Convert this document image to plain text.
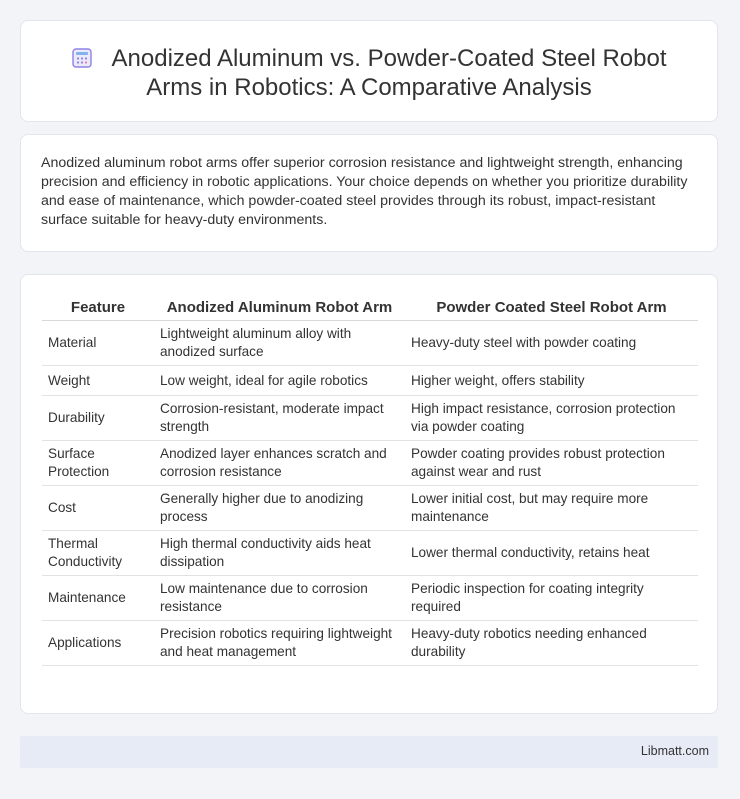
Anodized Aluminum vs. Powder-Coated Steel Robot Arms in Robotics: A Comparative Analysis

Anodized aluminum robot arms offer superior corrosion resistance and lightweight strength, enhancing precision and efficiency in robotic applications. Your choice depends on whether you prioritize durability and ease of maintenance, which powder-coated steel provides through its robust, impact-resistant surface suitable for heavy-duty environments.

Feature	Anodized Aluminum Robot Arm	Powder Coated Steel Robot Arm
Material	Lightweight aluminum alloy with anodized surface	Heavy-duty steel with powder coating
Weight	Low weight, ideal for agile robotics	Higher weight, offers stability
Durability	Corrosion-resistant, moderate impact strength	High impact resistance, corrosion protection via powder coating
Surface Protection	Anodized layer enhances scratch and corrosion resistance	Powder coating provides robust protection against wear and rust
Cost	Generally higher due to anodizing process	Lower initial cost, but may require more maintenance
Thermal Conductivity	High thermal conductivity aids heat dissipation	Lower thermal conductivity, retains heat
Maintenance	Low maintenance due to corrosion resistance	Periodic inspection for coating integrity required
Applications	Precision robotics requiring lightweight and heat management	Heavy-duty robotics needing enhanced durability
Libmatt.com
